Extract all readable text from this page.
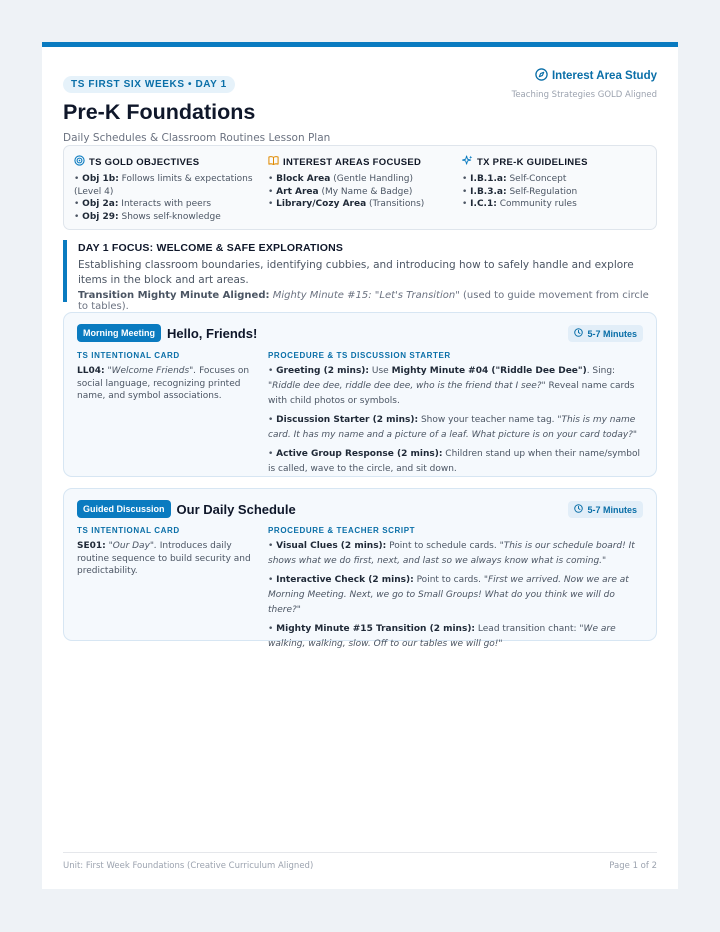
TS FIRST SIX WEEKS • DAY 1
Pre-K Foundations
Daily Schedules & Classroom Routines Lesson Plan
Interest Area Study
Teaching Strategies GOLD Aligned
TS GOLD OBJECTIVES
• Obj 1b: Follows limits & expectations (Level 4)
• Obj 2a: Interacts with peers
• Obj 29: Shows self-knowledge
INTEREST AREAS FOCUSED
• Block Area (Gentle Handling)
• Art Area (My Name & Badge)
• Library/Cozy Area (Transitions)
TX PRE-K GUIDELINES
• I.B.1.a: Self-Concept
• I.B.3.a: Self-Regulation
• I.C.1: Community rules
DAY 1 FOCUS: WELCOME & SAFE EXPLORATIONS
Establishing classroom boundaries, identifying cubbies, and introducing how to safely handle and explore items in the block and art areas.
Transition Mighty Minute Aligned: Mighty Minute #15: "Let's Transition" (used to guide movement from circle to tables).
Morning Meeting Hello, Friends!	5-7 Minutes
TS INTENTIONAL CARD
LL04: "Welcome Friends". Focuses on social language, recognizing printed name, and symbol associations.
PROCEDURE & TS DISCUSSION STARTER
• Greeting (2 mins): Use Mighty Minute #04 ("Riddle Dee Dee"). Sing: "Riddle dee dee, riddle dee dee, who is the friend that I see?" Reveal name cards with child photos or symbols.
• Discussion Starter (2 mins): Show your teacher name tag. "This is my name card. It has my name and a picture of a leaf. What picture is on your card today?"
• Active Group Response (2 mins): Children stand up when their name/symbol is called, wave to the circle, and sit down.
Guided Discussion Our Daily Schedule	5-7 Minutes
TS INTENTIONAL CARD
SE01: "Our Day". Introduces daily routine sequence to build security and predictability.
PROCEDURE & TEACHER SCRIPT
• Visual Clues (2 mins): Point to schedule cards. "This is our schedule board! It shows what we do first, next, and last so we always know what is coming."
• Interactive Check (2 mins): Point to cards. "First we arrived. Now we are at Morning Meeting. Next, we go to Small Groups! What do you think we will do there?"
• Mighty Minute #15 Transition (2 mins): Lead transition chant: "We are walking, walking, slow. Off to our tables we will go!"
Unit: First Week Foundations (Creative Curriculum Aligned)	Page 1 of 2
